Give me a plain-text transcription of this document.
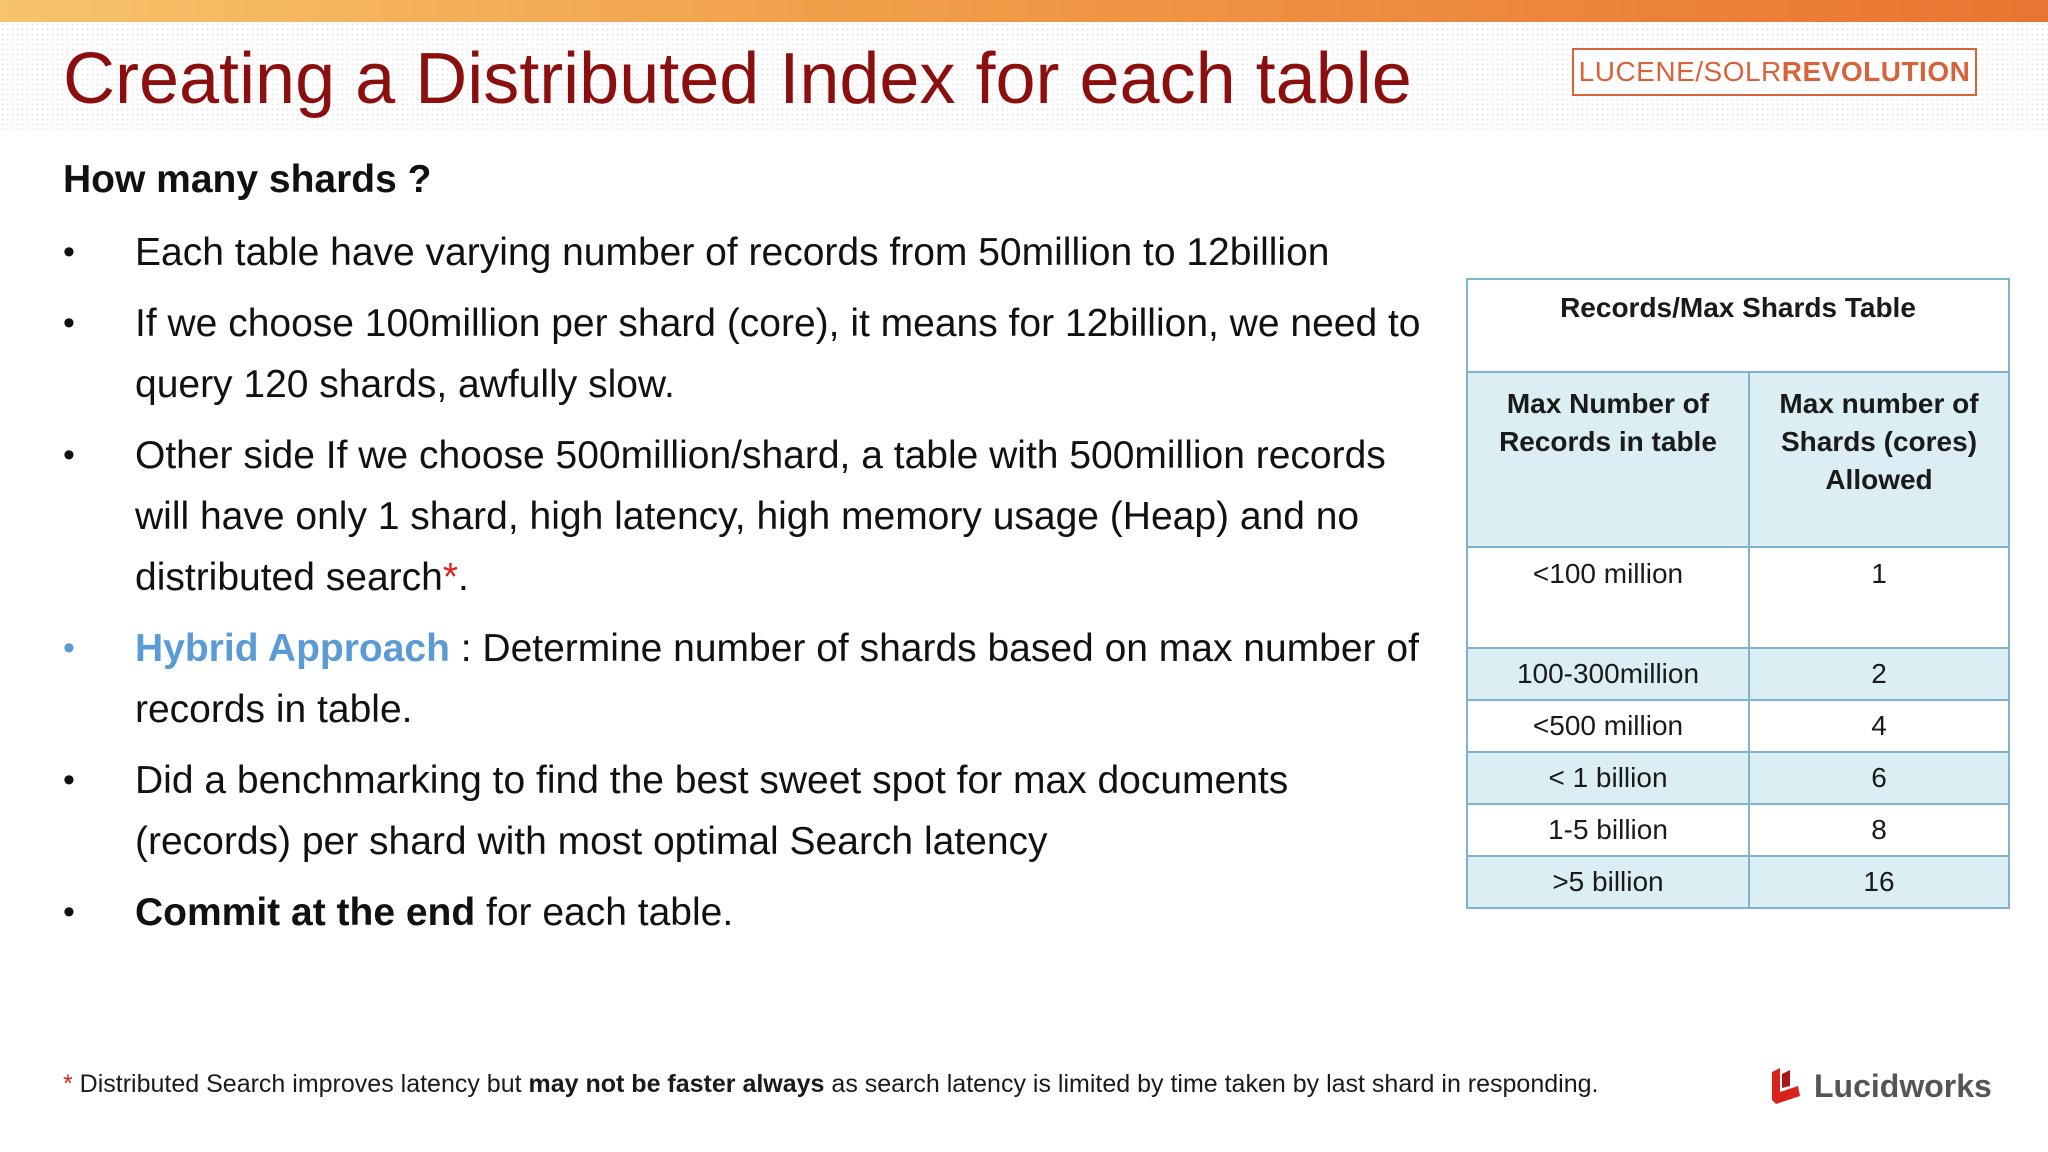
Creating a Distributed Index for each table	LUCENE/SOLR REVOLUTION
How many shards ?
• Each table have varying number of records from 50million to 12billion
• If we choose 100million per shard (core), it means for 12billion, we need to query 120 shards, awfully slow.
• Other side If we choose 500million/shard, a table with 500million records will have only 1 shard, high latency, high memory usage (Heap) and no distributed search*.
• Hybrid Approach : Determine number of shards based on max number of records in table.
• Did a benchmarking to find the best sweet spot for max documents (records) per shard with most optimal Search latency
• Commit at the end for each table.
Records/Max Shards Table	
Max Number of Records in table	Max number of Shards (cores) Allowed
<100 million	1
100-300million	2
<500 million	4
< 1 billion	6
1-5 billion	8
>5 billion	16
* Distributed Search improves latency but may not be faster always as search latency is limited by time taken by last shard in responding.	Lucidworks
